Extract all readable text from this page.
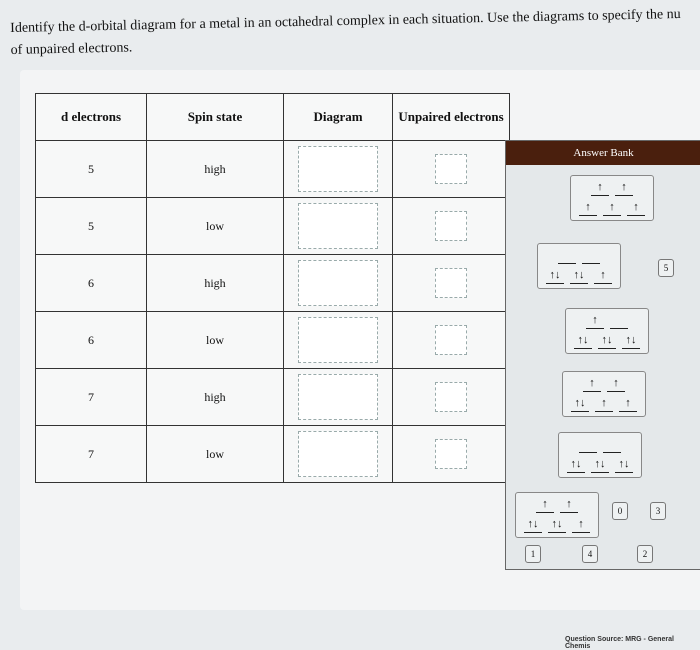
Identify the d-orbital diagram for a metal in an octahedral complex in each situation. Use the diagrams to specify the nu
of unpaired electrons.
d electrons	Spin state	Diagram	Unpaired electrons
5	high	

5	low	

6	high	

6	low	

7	high	

7	low	

Answer Bank
Question Source: MRG - General Chemis
↑	↑
↑	↑	↑
↑↓	↑↓	↑
↑
↑↓	↑↓	↑↓
↑	↑
↑↓	↑	↑
↑↓	↑↓	↑↓
↑	↑
↑↓	↑↓	↑
5
0	3
1	4	2
